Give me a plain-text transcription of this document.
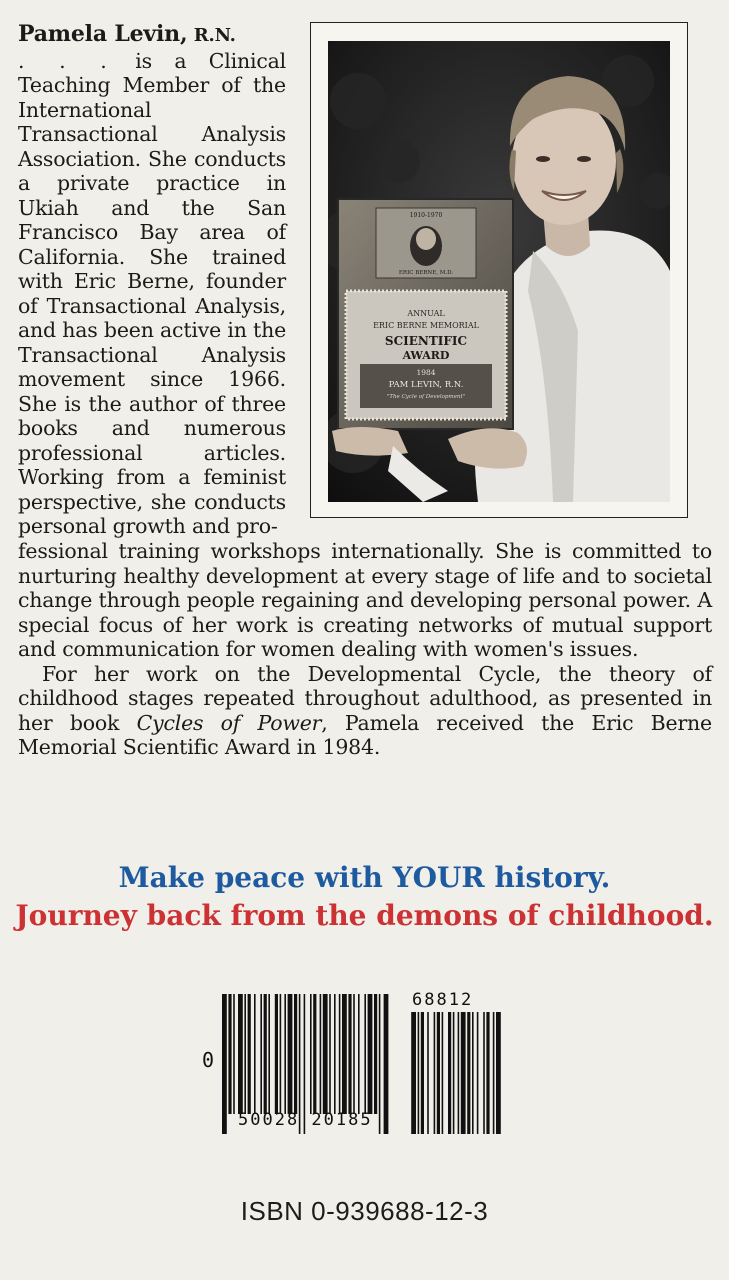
Pamela Levin, R.N.
. . . is a Clinical Teaching Member of the International Transactional Analysis Association. She conducts a private practice in Ukiah and the San Francisco Bay area of California. She trained with Eric Berne, founder of Transactional Analysis, and has been active in the Transactional Analysis movement since 1966. She is the author of three books and numerous professional articles. Working from a feminist perspective, she conducts personal growth and pro-
1910-1970
ERIC BERNE, M.D.
ANNUAL
ERIC BERNE MEMORIAL
SCIENTIFIC
AWARD
1984
PAM LEVIN, R.N.
"The Cycle of Development"

fessional training workshops internationally. She is committed to nurturing healthy development at every stage of life and to societal change through people regaining and developing personal power. A special focus of her work is creating networks of mutual support and communication for women dealing with women's issues.

For her work on the Developmental Cycle, the theory of childhood stages repeated throughout adulthood, as presented in her book Cycles of Power, Pamela received the Eric Berne Memorial Scientific Award in 1984.

Make peace with YOUR history.
Journey back from the demons of childhood.
0
68812
50028 20185
ISBN 0-939688-12-3
